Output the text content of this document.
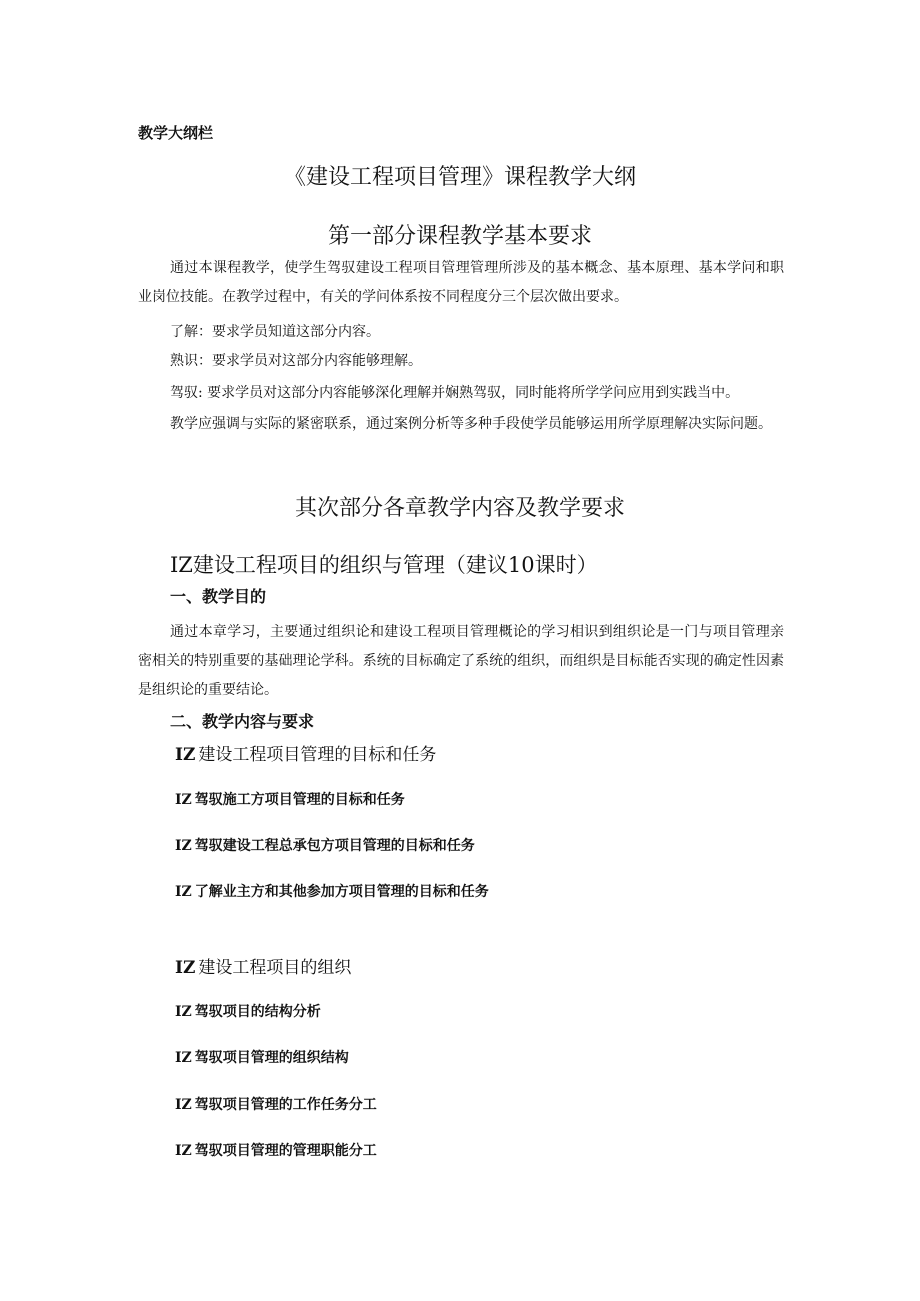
教学大纲栏
《建设工程项目管理》课程教学大纲
第一部分课程教学基本要求

通过本课程教学，使学生驾驭建设工程项目管理管理所涉及的基本概念、基本原理、基本学问和职业岗位技能。在教学过程中，有关的学问体系按不同程度分三个层次做出要求。

了解：要求学员知道这部分内容。

熟识：要求学员对这部分内容能够理解。

驾驭: 要求学员对这部分内容能够深化理解并娴熟驾驭，同时能将所学学问应用到实践当中。

教学应强调与实际的紧密联系，通过案例分析等多种手段使学员能够运用所学原理解决实际问题。

其次部分各章教学内容及教学要求
IZ建设工程项目的组织与管理（建议10课时）
一、教学目的

通过本章学习，主要通过组织论和建设工程项目管理概论的学习相识到组织论是一门与项目管理亲密相关的特别重要的基础理论学科。系统的目标确定了系统的组织，而组织是目标能否实现的确定性因素是组织论的重要结论。

二、教学内容与要求
IZ 建设工程项目管理的目标和任务
IZ 驾驭施工方项目管理的目标和任务
IZ 驾驭建设工程总承包方项目管理的目标和任务
IZ 了解业主方和其他参加方项目管理的目标和任务
IZ 建设工程项目的组织
IZ 驾驭项目的结构分析
IZ 驾驭项目管理的组织结构
IZ 驾驭项目管理的工作任务分工
IZ 驾驭项目管理的管理职能分工
